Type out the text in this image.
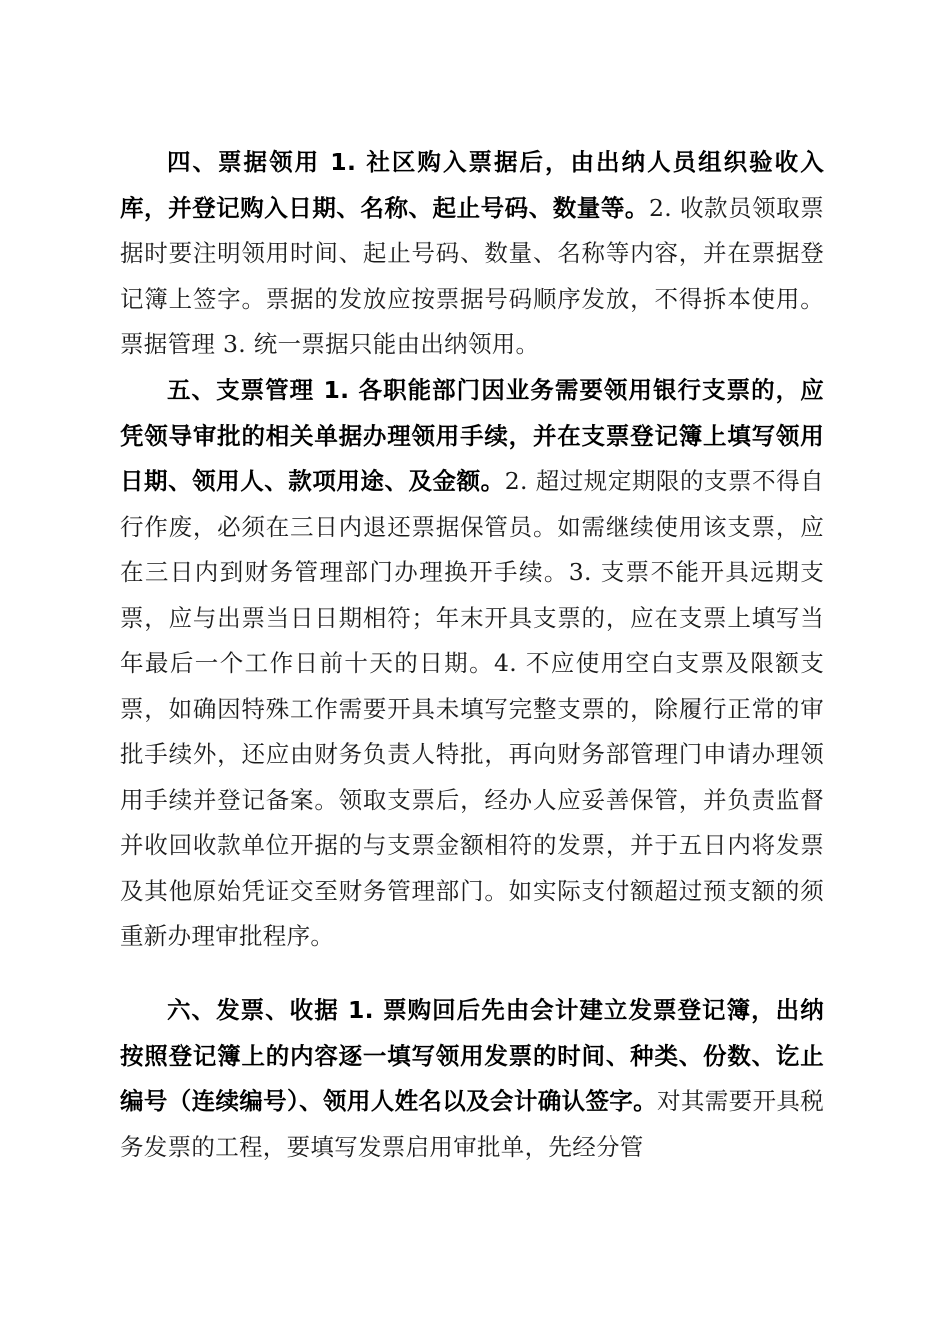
四、票据领用 1. 社区购入票据后，由出纳人员组织验收入库，并登记购入日期、名称、起止号码、数量等。2. 收款员领取票据时要注明领用时间、起止号码、数量、名称等内容，并在票据登记簿上签字。票据的发放应按票据号码顺序发放，不得拆本使用。票据管理 3. 统一票据只能由出纳领用。

五、支票管理 1. 各职能部门因业务需要领用银行支票的，应凭领导审批的相关单据办理领用手续，并在支票登记簿上填写领用日期、领用人、款项用途、及金额。2. 超过规定期限的支票不得自行作废，必须在三日内退还票据保管员。如需继续使用该支票，应在三日内到财务管理部门办理换开手续。3. 支票不能开具远期支票，应与出票当日日期相符；年末开具支票的，应在支票上填写当年最后一个工作日前十天的日期。4. 不应使用空白支票及限额支票，如确因特殊工作需要开具未填写完整支票的，除履行正常的审批手续外，还应由财务负责人特批，再向财务部管理门申请办理领用手续并登记备案。领取支票后，经办人应妥善保管，并负责监督并收回收款单位开据的与支票金额相符的发票，并于五日内将发票及其他原始凭证交至财务管理部门。如实际支付额超过预支额的须重新办理审批程序。

六、发票、收据 1. 票购回后先由会计建立发票登记簿，出纳按照登记簿上的内容逐一填写领用发票的时间、种类、份数、讫止编号（连续编号）、领用人姓名以及会计确认签字。对其需要开具税务发票的工程，要填写发票启用审批单，先经分管
